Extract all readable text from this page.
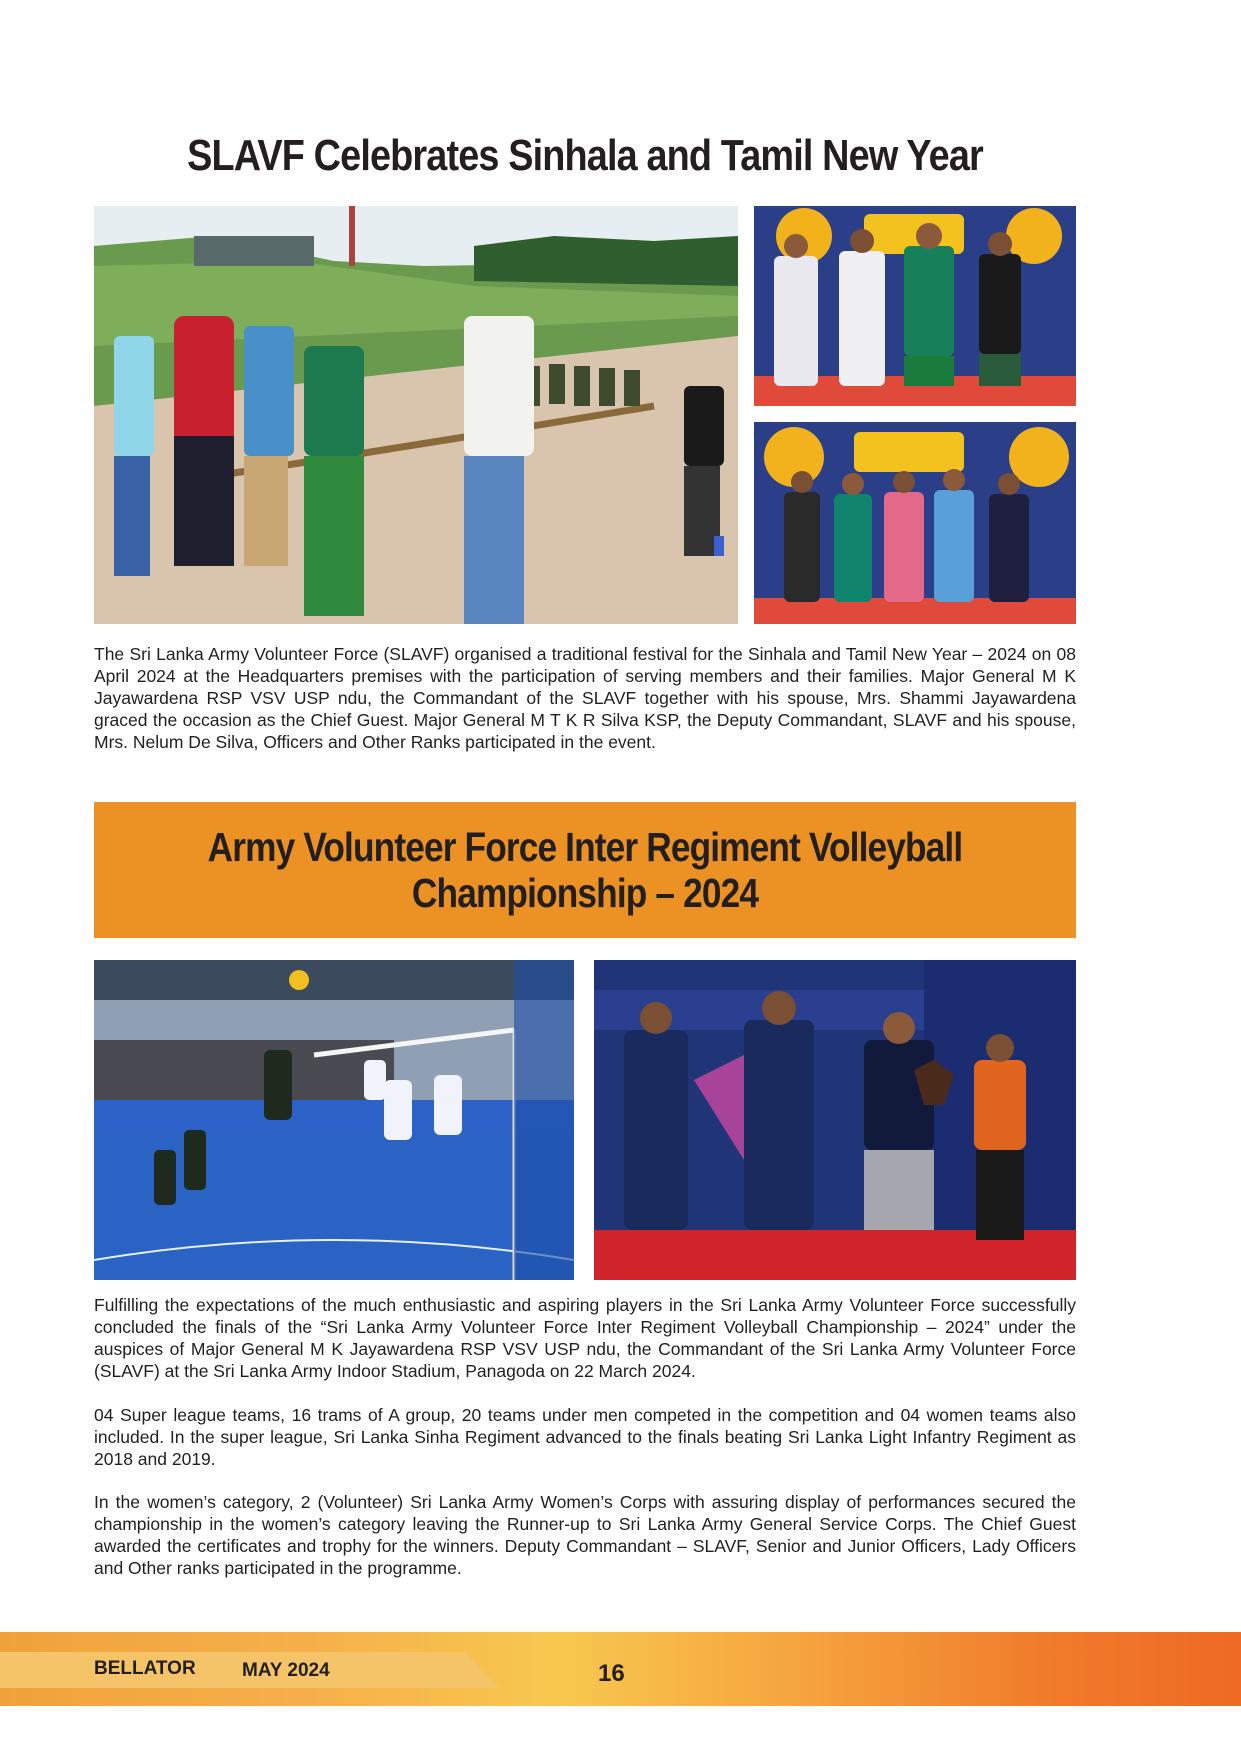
SLAVF Celebrates Sinhala and Tamil New Year

The Sri Lanka Army Volunteer Force (SLAVF) organised a traditional festival for the Sinhala and Tamil New Year – 2024 on 08 April 2024 at the Headquarters premises with the participation of serving members and their families. Major General M K Jayawardena RSP VSV USP ndu, the Commandant of the SLAVF together with his spouse, Mrs. Shammi Jayawardena graced the occasion as the Chief Guest. Major General M T K R Silva KSP, the Deputy Commandant, SLAVF and his spouse, Mrs. Nelum De Silva, Officers and Other Ranks participated in the event.

Army Volunteer Force Inter Regiment Volleyball
Championship – 2024

Fulfilling the expectations of the much enthusiastic and aspiring players in the Sri Lanka Army Volunteer Force successfully concluded the finals of the “Sri Lanka Army Volunteer Force Inter Regiment Volleyball Championship – 2024” under the auspices of Major General M K Jayawardena RSP VSV USP ndu, the Commandant of the Sri Lanka Army Volunteer Force (SLAVF) at the Sri Lanka Army Indoor Stadium, Panagoda on 22 March 2024.

04 Super league teams, 16 trams of A group, 20 teams under men competed in the competition and 04 women teams also included. In the super league, Sri Lanka Sinha Regiment advanced to the finals beating Sri Lanka Light Infantry Regiment as 2018 and 2019.

In the women’s category, 2 (Volunteer) Sri Lanka Army Women’s Corps with assuring display of performances secured the championship in the women’s category leaving the Runner-up to Sri Lanka Army General Service Corps. The Chief Guest awarded the certificates and trophy for the winners. Deputy Commandant – SLAVF, Senior and Junior Officers, Lady Officers and Other ranks participated in the programme.

BELLATOR MAY 2024	16
